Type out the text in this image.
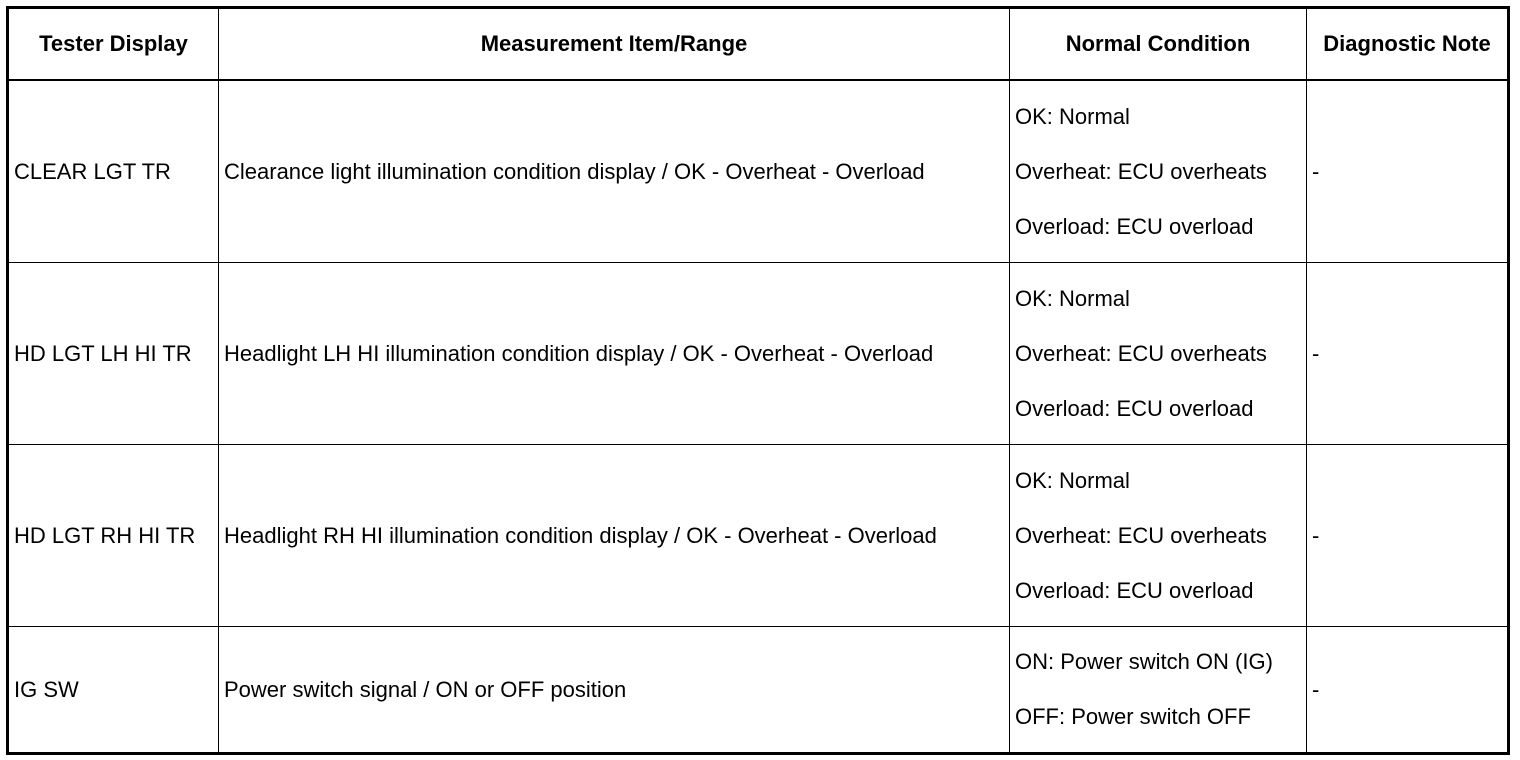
Tester Display	Measurement Item/Range	Normal Condition	Diagnostic Note
CLEAR LGT TR	Clearance light illumination condition display / OK - Overheat - Overload	OK: Normal
Overheat: ECU overheats
Overload: ECU overload	-
HD LGT LH HI TR	Headlight LH HI illumination condition display / OK - Overheat - Overload	OK: Normal
Overheat: ECU overheats
Overload: ECU overload	-
HD LGT RH HI TR	Headlight RH HI illumination condition display / OK - Overheat - Overload	OK: Normal
Overheat: ECU overheats
Overload: ECU overload	-
IG SW	Power switch signal / ON or OFF position	ON: Power switch ON (IG)
OFF: Power switch OFF	-
